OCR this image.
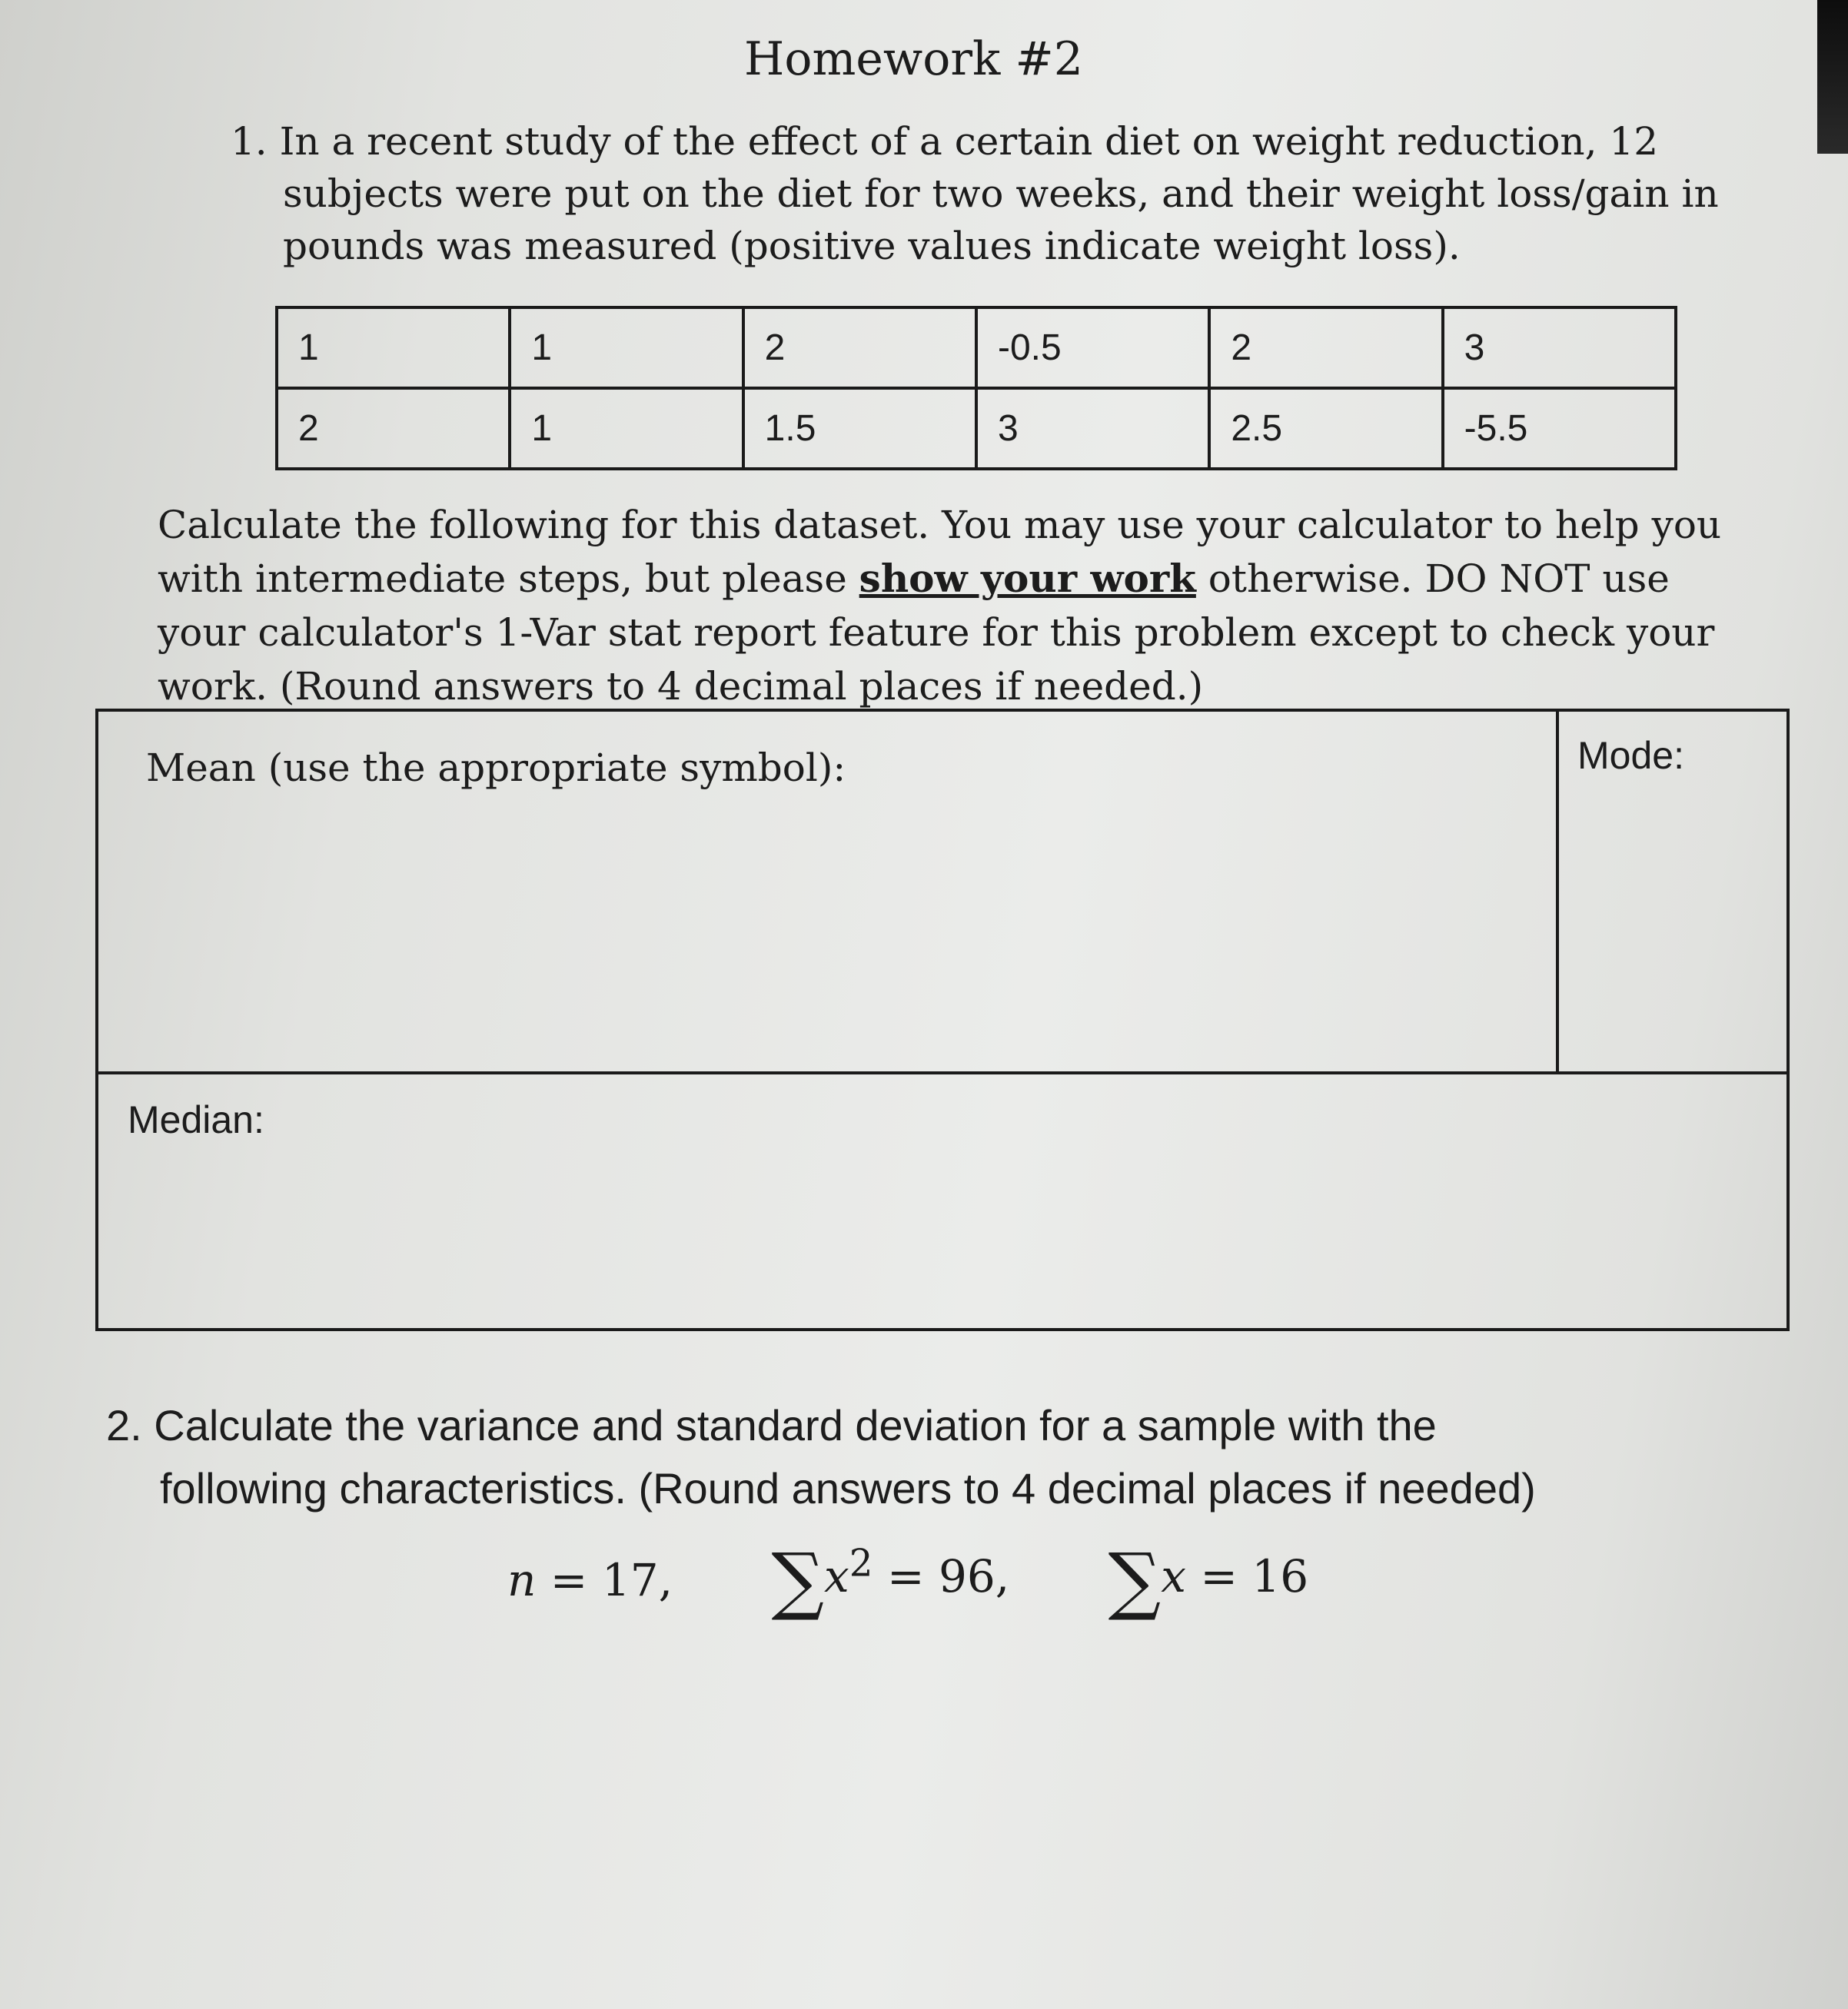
Homework #2
1. In a recent study of the effect of a certain diet on weight reduction, 12
subjects were put on the diet for two weeks, and their weight loss/gain in
pounds was measured (positive values indicate weight loss).
1	1	2	-0.5	2	3
2	1	1.5	3	2.5	-5.5
Calculate the following for this dataset. You may use your calculator to help you
with intermediate steps, but please show your work otherwise. DO NOT use
your calculator's 1-Var stat report feature for this problem except to check your
work. (Round answers to 4 decimal places if needed.)
Mean (use the appropriate symbol):	Mode:
Median:
2. Calculate the variance and standard deviation for a sample with the
following characteristics. (Round answers to 4 decimal places if needed)
n = 17, $\sum x^2 = 96$, ∑x = 16
